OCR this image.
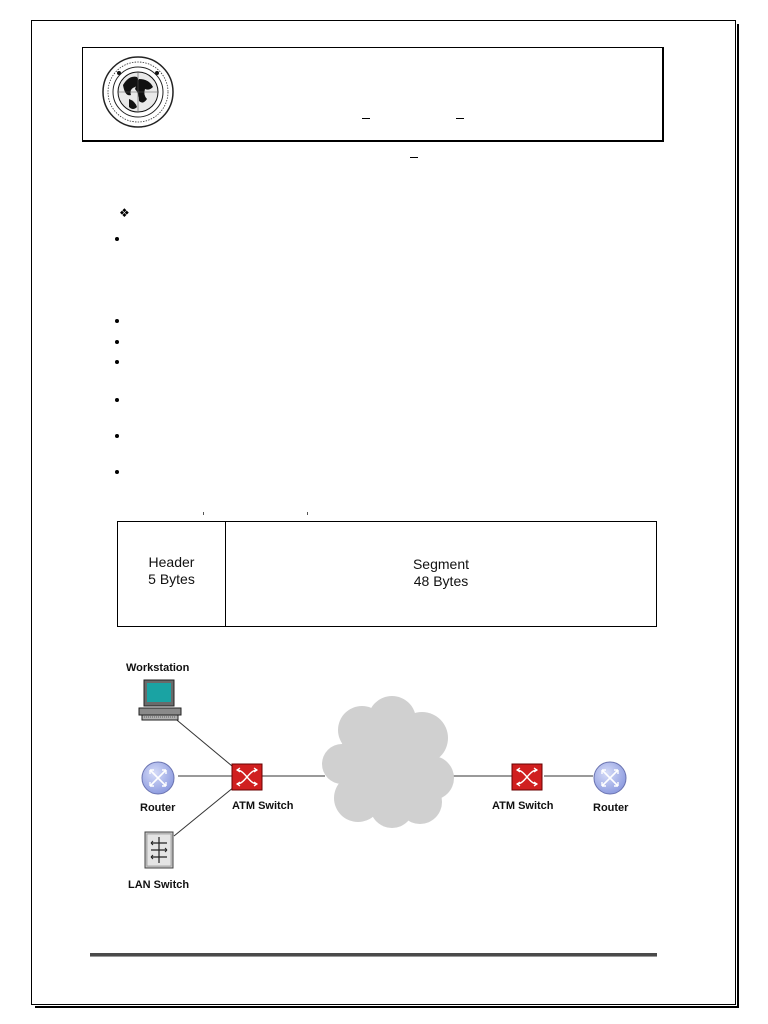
❖
Header
5 Bytes
Segment
48 Bytes
Workstation
Router	ATM Switch
LAN Switch
ATM Switch	Router
